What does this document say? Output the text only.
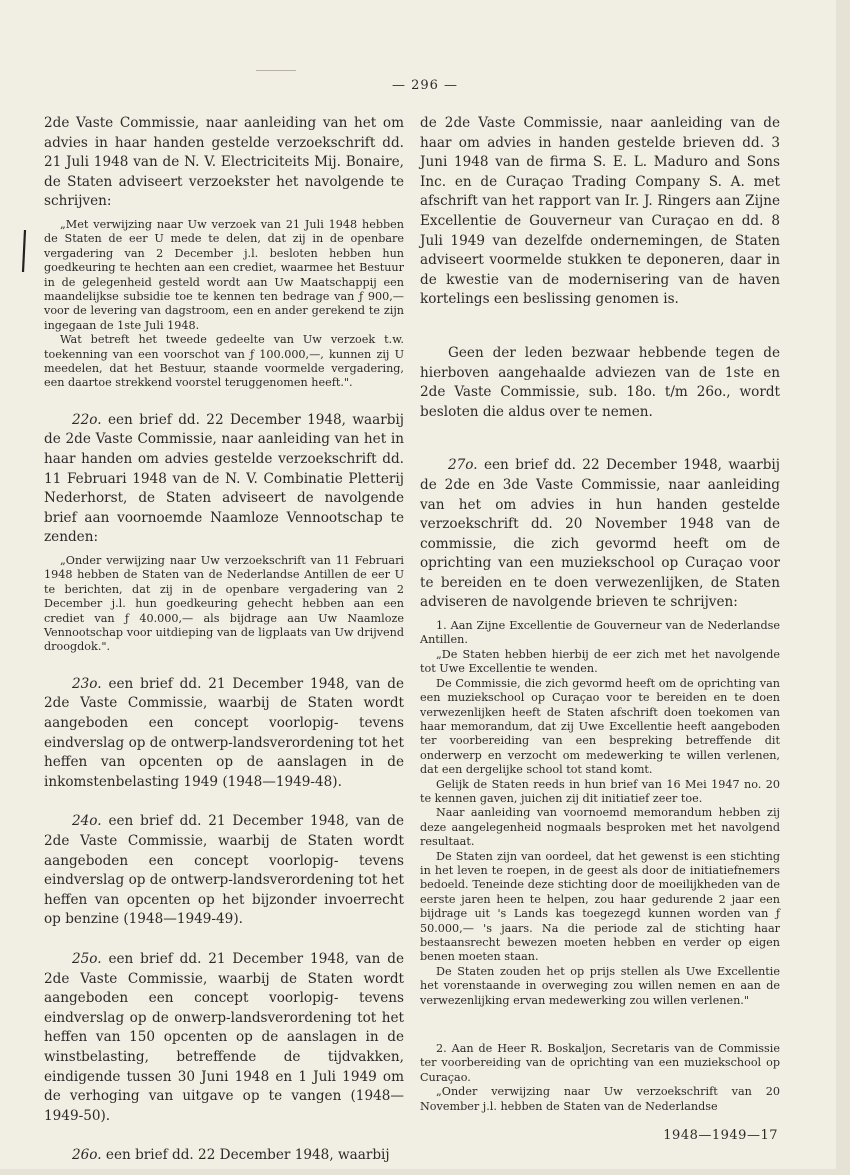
— 296 —

2de Vaste Commissie, naar aanleiding van het om advies in haar handen gestelde verzoekschrift dd. 21 Juli 1948 van de N. V. Electriciteits Mij. Bonaire, de Staten adviseert verzoekster het navolgende te schrijven:

„Met verwijzing naar Uw verzoek van 21 Juli 1948 hebben de Staten de eer U mede te delen, dat zij in de openbare vergadering van 2 December j.l. besloten hebben hun goedkeuring te hechten aan een crediet, waarmee het Bestuur in de gelegenheid gesteld wordt aan Uw Maatschappij een maandelijkse subsidie toe te kennen ten bedrage van ƒ 900,— voor de levering van dagstroom, een en ander gerekend te zijn ingegaan de 1ste Juli 1948.

Wat betreft het tweede gedeelte van Uw verzoek t.w. toekenning van een voorschot van ƒ 100.000,—, kunnen zij U meedelen, dat het Bestuur, staande voormelde vergadering, een daartoe strekkend voorstel teruggenomen heeft.".

22o. een brief dd. 22 December 1948, waarbij de 2de Vaste Commissie, naar aanleiding van het in haar handen om advies gestelde verzoekschrift dd. 11 Februari 1948 van de N. V. Combinatie Pletterij Nederhorst, de Staten adviseert de navolgende brief aan voornoemde Naamloze Vennootschap te zenden:

„Onder verwijzing naar Uw verzoekschrift van 11 Februari 1948 hebben de Staten van de Nederlandse Antillen de eer U te berichten, dat zij in de openbare vergadering van 2 December j.l. hun goedkeuring gehecht hebben aan een crediet van ƒ 40.000,— als bijdrage aan Uw Naamloze Vennootschap voor uitdieping van de ligplaats van Uw drijvend droogdok.".

23o. een brief dd. 21 December 1948, van de 2de Vaste Commissie, waarbij de Staten wordt aangeboden een concept voorlopig- tevens eindverslag op de ontwerp-landsverordening tot het heffen van opcenten op de aanslagen in de inkomstenbelasting 1949 (1948—1949-48).

24o. een brief dd. 21 December 1948, van de 2de Vaste Commissie, waarbij de Staten wordt aangeboden een concept voorlopig- tevens eindverslag op de ontwerp-landsverordening tot het heffen van opcenten op het bijzonder invoerrecht op benzine (1948—1949-49).

25o. een brief dd. 21 December 1948, van de 2de Vaste Commissie, waarbij de Staten wordt aangeboden een concept voorlopig- tevens eindverslag op de onwerp-landsverordening tot het heffen van 150 opcenten op de aanslagen in de winstbelasting, betreffende de tijdvakken, eindigende tussen 30 Juni 1948 en 1 Juli 1949 om de verhoging van uitgave op te vangen (1948—1949-50).

26o. een brief dd. 22 December 1948, waarbij

de 2de Vaste Commissie, naar aanleiding van de haar om advies in handen gestelde brieven dd. 3 Juni 1948 van de firma S. E. L. Maduro and Sons Inc. en de Curaçao Trading Company S. A. met afschrift van het rapport van Ir. J. Ringers aan Zijne Excellentie de Gouverneur van Curaçao en dd. 8 Juli 1949 van dezelfde ondernemingen, de Staten adviseert voormelde stukken te deponeren, daar in de kwestie van de modernisering van de haven kortelings een beslissing genomen is.

Geen der leden bezwaar hebbende tegen de hierboven aangehaalde adviezen van de 1ste en 2de Vaste Commissie, sub. 18o. t/m 26o., wordt besloten die aldus over te nemen.

27o. een brief dd. 22 December 1948, waarbij de 2de en 3de Vaste Commissie, naar aanleiding van het om advies in hun handen gestelde verzoekschrift dd. 20 November 1948 van de commissie, die zich gevormd heeft om de oprichting van een muziekschool op Curaçao voor te bereiden en te doen verwezenlijken, de Staten adviseren de navolgende brieven te schrijven:

1. Aan Zijne Excellentie de Gouverneur van de Nederlandse Antillen.

„De Staten hebben hierbij de eer zich met het navolgende tot Uwe Excellentie te wenden.

De Commissie, die zich gevormd heeft om de oprichting van een muziekschool op Curaçao voor te bereiden en te doen verwezenlijken heeft de Staten afschrift doen toekomen van haar memorandum, dat zij Uwe Excellentie heeft aangeboden ter voorbereiding van een bespreking betreffende dit onderwerp en verzocht om medewerking te willen verlenen, dat een dergelijke school tot stand komt.

Gelijk de Staten reeds in hun brief van 16 Mei 1947 no. 20 te kennen gaven, juichen zij dit initiatief zeer toe.

Naar aanleiding van voornoemd memorandum hebben zij deze aangelegenheid nogmaals besproken met het navolgend resultaat.

De Staten zijn van oordeel, dat het gewenst is een stichting in het leven te roepen, in de geest als door de initiatiefnemers bedoeld. Teneinde deze stichting door de moeilijkheden van de eerste jaren heen te helpen, zou haar gedurende 2 jaar een bijdrage uit 's Lands kas toegezegd kunnen worden van ƒ 50.000,— 's jaars. Na die periode zal de stichting haar bestaansrecht bewezen moeten hebben en verder op eigen benen moeten staan.

De Staten zouden het op prijs stellen als Uwe Excellentie het vorenstaande in overweging zou willen nemen en aan de verwezenlijking ervan medewerking zou willen verlenen."

2. Aan de Heer R. Boskaljon, Secretaris van de Commissie ter voorbereiding van de oprichting van een muziekschool op Curaçao.

„Onder verwijzing naar Uw verzoekschrift van 20 November j.l. hebben de Staten van de Nederlandse

1948—1949—17
